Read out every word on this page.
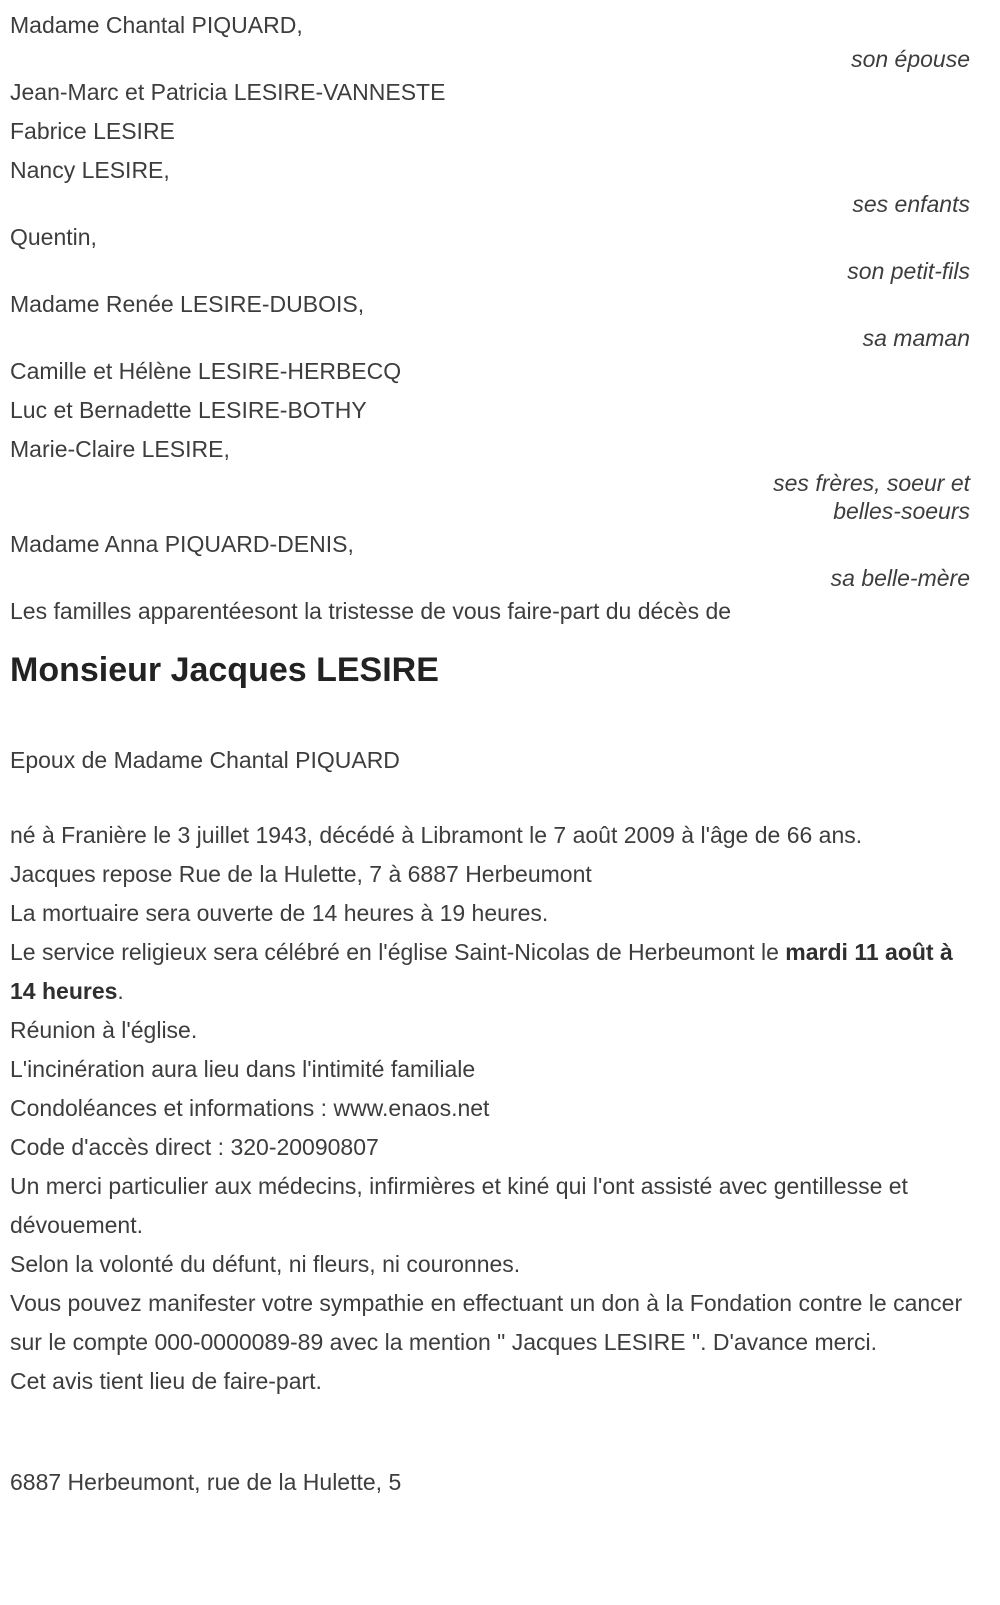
Madame Chantal PIQUARD,
son épouse
Jean-Marc et Patricia LESIRE-VANNESTE
Fabrice LESIRE
Nancy LESIRE,
ses enfants
Quentin,
son petit-fils
Madame Renée LESIRE-DUBOIS,
sa maman
Camille et Hélène LESIRE-HERBECQ
Luc et Bernadette LESIRE-BOTHY
Marie-Claire LESIRE,
ses frères, soeur et
belles-soeurs
Madame Anna PIQUARD-DENIS,
sa belle-mère
Les familles apparentéesont la tristesse de vous faire-part du décès de
Monsieur Jacques LESIRE
Epoux de Madame Chantal PIQUARD

né à Franière le 3 juillet 1943, décédé à Libramont le 7 août 2009 à l'âge de 66 ans.

Jacques repose Rue de la Hulette, 7 à 6887 Herbeumont

La mortuaire sera ouverte de 14 heures à 19 heures.

Le service religieux sera célébré en l'église Saint-Nicolas de Herbeumont le mardi 11 août à 14 heures.

Réunion à l'église.

L'incinération aura lieu dans l'intimité familiale

Condoléances et informations : www.enaos.net

Code d'accès direct : 320-20090807

Un merci particulier aux médecins, infirmières et kiné qui l'ont assisté avec gentillesse et dévouement.

Selon la volonté du défunt, ni fleurs, ni couronnes.

Vous pouvez manifester votre sympathie en effectuant un don à la Fondation contre le cancer sur le compte 000-0000089-89 avec la mention " Jacques LESIRE ". D'avance merci.

Cet avis tient lieu de faire-part.

6887 Herbeumont, rue de la Hulette, 5
